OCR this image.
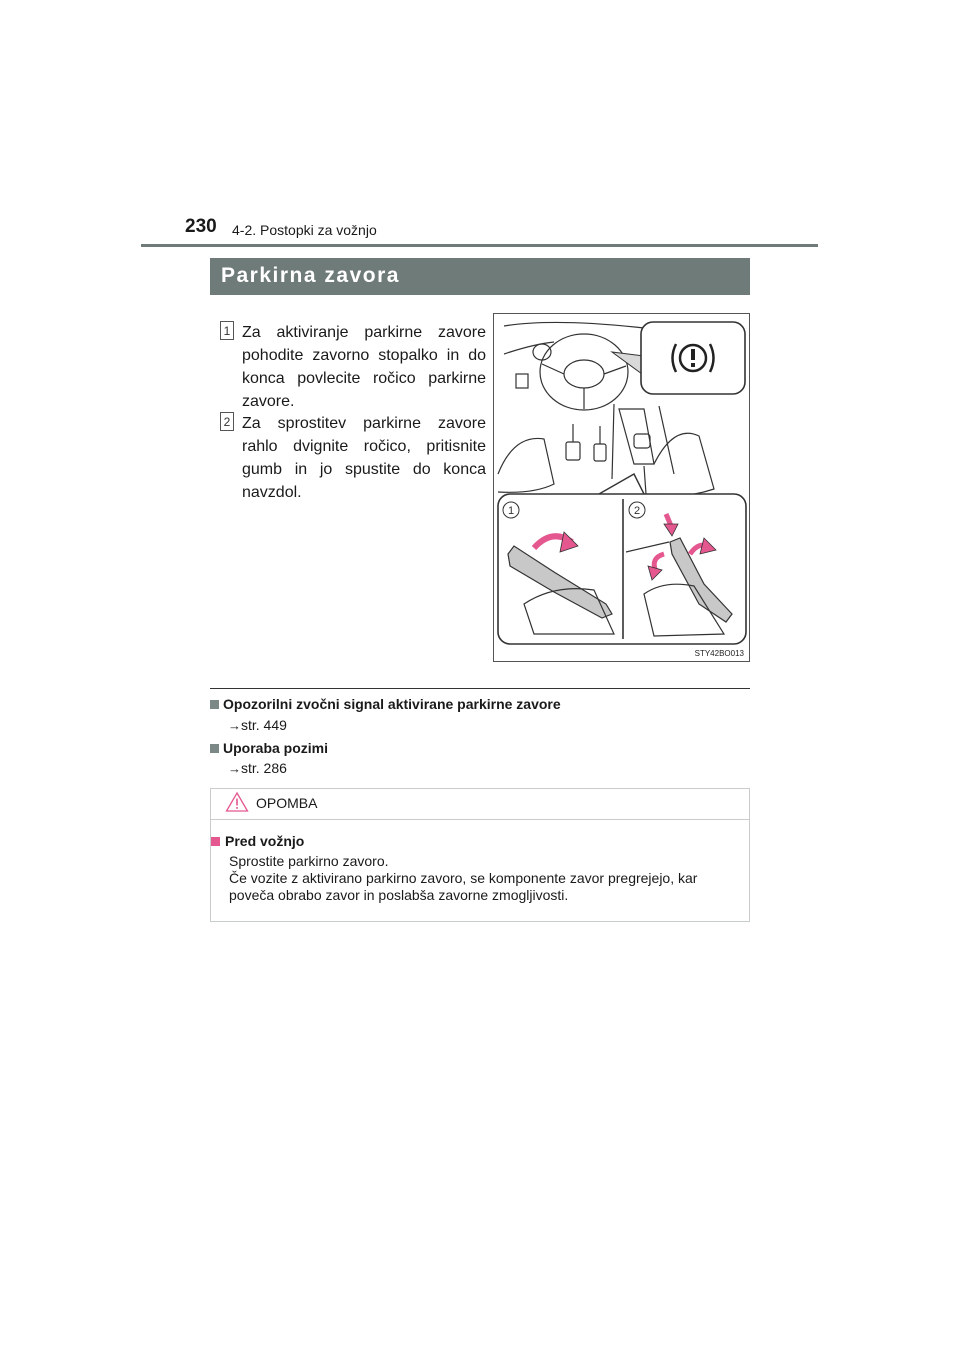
230 4-2. Postopki za vožnjo
Parkirna zavora
1 Za aktiviranje parkirne zavore pohodite zavorno stopalko in do konca povlecite ročico parkirne zavore.
2 Za sprostitev parkirne zavore rahlo dvignite ročico, pritisnite gumb in jo spustite do konca navzdol.
1	2
STY42BO013
Opozorilni zvočni signal aktivirane parkirne zavore
→str. 449
Uporaba pozimi
→str. 286
OPOMBA
Pred vožnjo
Sprostite parkirno zavoro.
Če vozite z aktivirano parkirno zavoro, se komponente zavor pregrejejo, kar poveča obrabo zavor in poslabša zavorne zmogljivosti.
